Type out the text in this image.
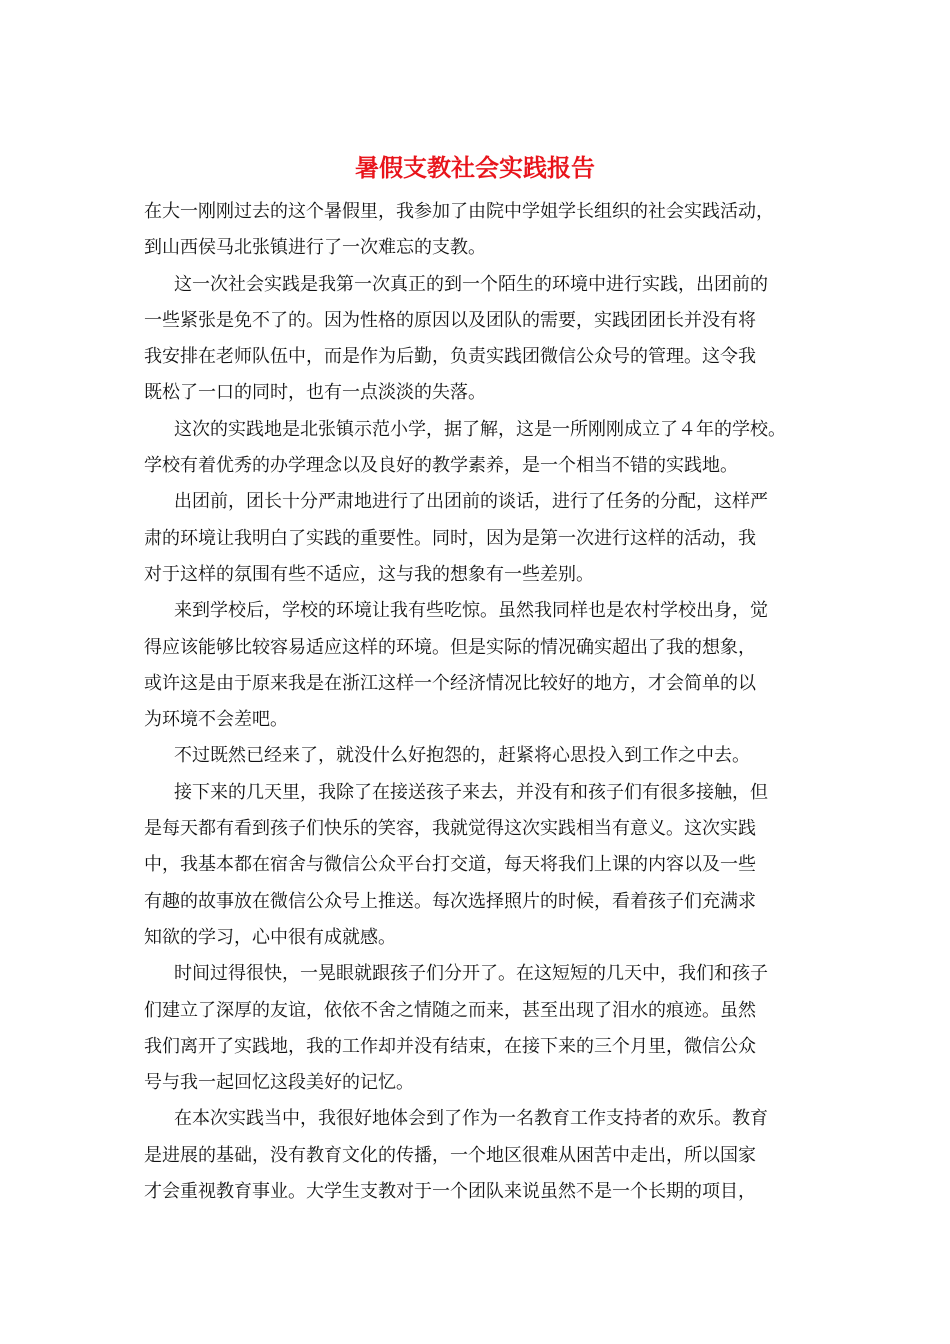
暑假支教社会实践报告
在大一刚刚过去的这个暑假里，我参加了由院中学姐学长组织的社会实践活动，
到山西侯马北张镇进行了一次难忘的支教。
这一次社会实践是我第一次真正的到一个陌生的环境中进行实践，出团前的
一些紧张是免不了的。因为性格的原因以及团队的需要，实践团团长并没有将
我安排在老师队伍中，而是作为后勤，负责实践团微信公众号的管理。这令我
既松了一口的同时，也有一点淡淡的失落。
这次的实践地是北张镇示范小学，据了解，这是一所刚刚成立了４年的学校。
学校有着优秀的办学理念以及良好的教学素养，是一个相当不错的实践地。
出团前，团长十分严肃地进行了出团前的谈话，进行了任务的分配，这样严
肃的环境让我明白了实践的重要性。同时，因为是第一次进行这样的活动，我
对于这样的氛围有些不适应，这与我的想象有一些差别。
来到学校后，学校的环境让我有些吃惊。虽然我同样也是农村学校出身，觉
得应该能够比较容易适应这样的环境。但是实际的情况确实超出了我的想象，
或许这是由于原来我是在浙江这样一个经济情况比较好的地方，才会简单的以
为环境不会差吧。
不过既然已经来了，就没什么好抱怨的，赶紧将心思投入到工作之中去。
接下来的几天里，我除了在接送孩子来去，并没有和孩子们有很多接触，但
是每天都有看到孩子们快乐的笑容，我就觉得这次实践相当有意义。这次实践
中，我基本都在宿舍与微信公众平台打交道，每天将我们上课的内容以及一些
有趣的故事放在微信公众号上推送。每次选择照片的时候，看着孩子们充满求
知欲的学习，心中很有成就感。
时间过得很快，一晃眼就跟孩子们分开了。在这短短的几天中，我们和孩子
们建立了深厚的友谊，依依不舍之情随之而来，甚至出现了泪水的痕迹。虽然
我们离开了实践地，我的工作却并没有结束，在接下来的三个月里，微信公众
号与我一起回忆这段美好的记忆。
在本次实践当中，我很好地体会到了作为一名教育工作支持者的欢乐。教育
是进展的基础，没有教育文化的传播，一个地区很难从困苦中走出，所以国家
才会重视教育事业。大学生支教对于一个团队来说虽然不是一个长期的项目，
